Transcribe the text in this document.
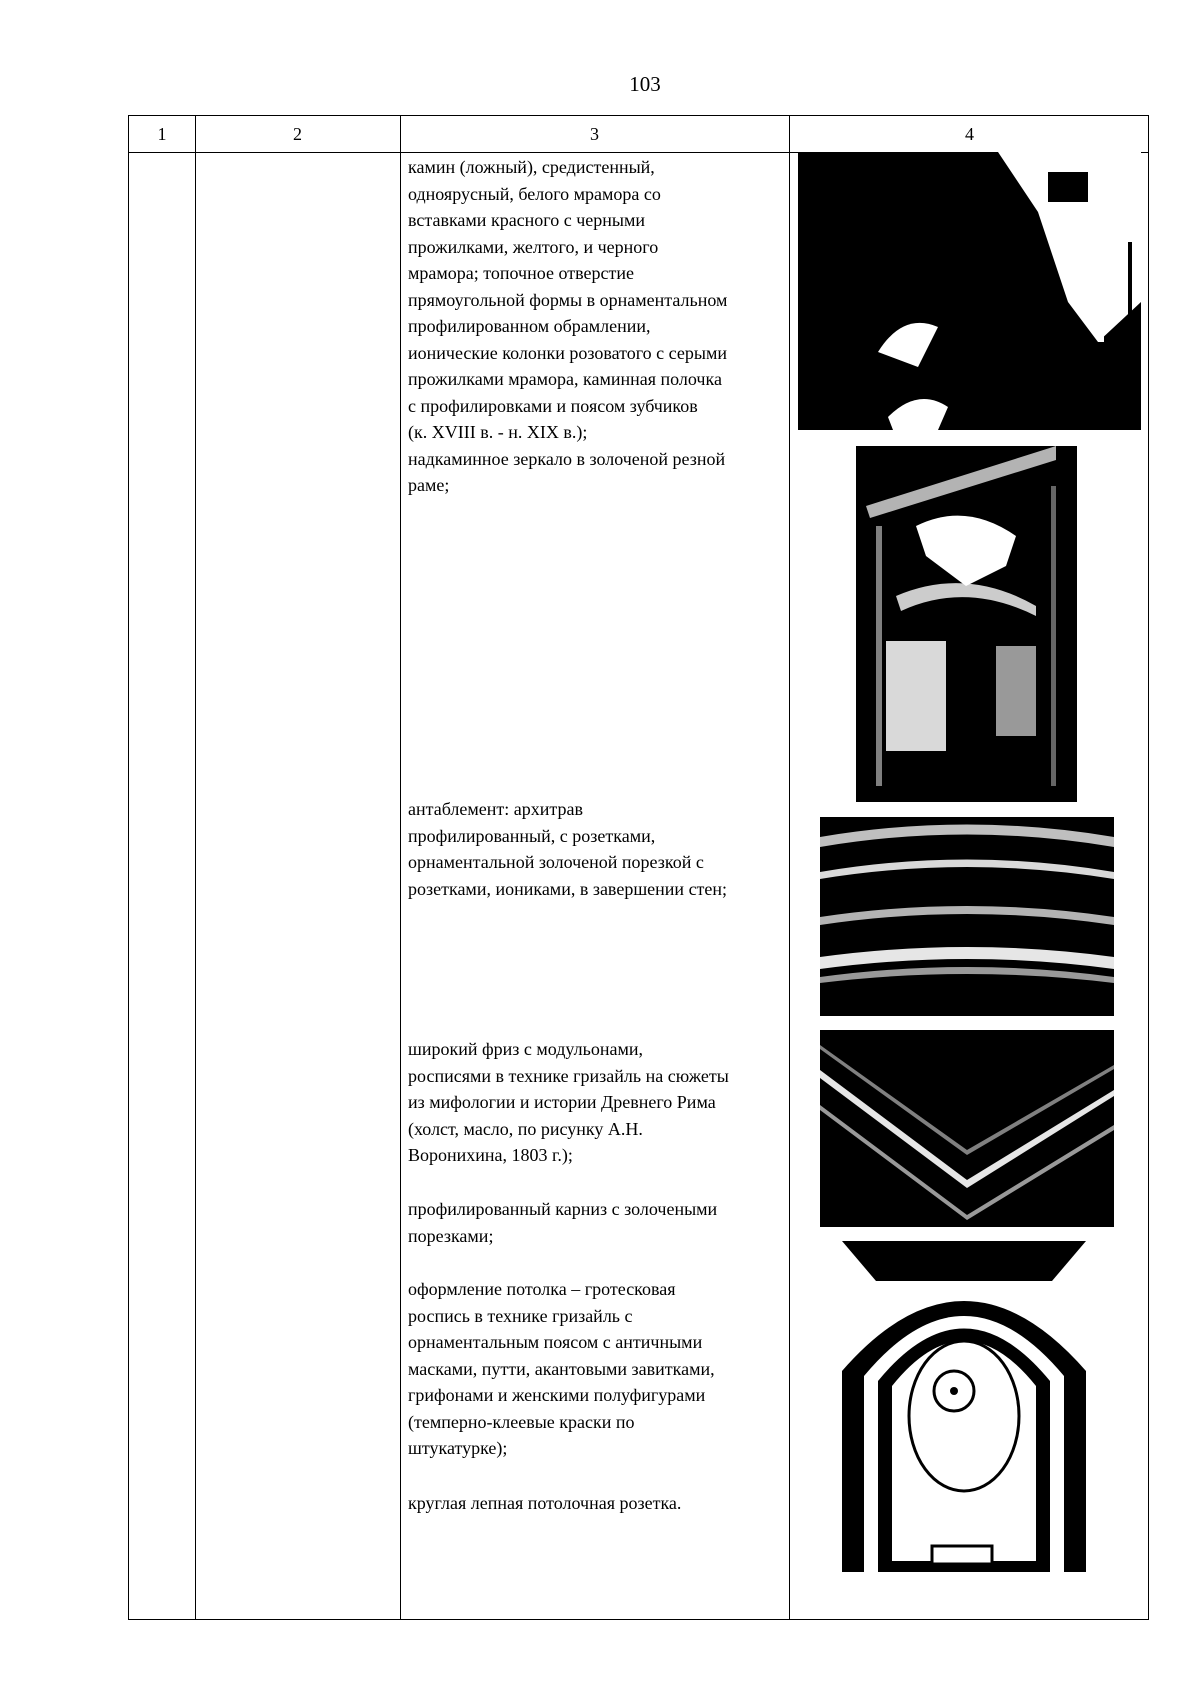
103
1	2	3	4

камин (ложный), средистенный,
одноярусный, белого мрамора со
вставками красного с черными
прожилками, желтого, и черного
мрамора; топочное отверстие
прямоугольной формы в орнаментальном
профилированном обрамлении,
ионические колонки розоватого с серыми
прожилками мрамора, каминная полочка
с профилировками и поясом зубчиков
(к. XVIII в. - н. XIX в.);
надкаминное зеркало в золоченой резной
раме;

антаблемент: архитрав
профилированный, с розетками,
орнаментальной золоченой порезкой с
розетками, иониками, в завершении стен;

широкий фриз с модульонами,
росписями в технике гризайль на сюжеты
из мифологии и истории Древнего Рима
(холст, масло, по рисунку А.Н.
Воронихина, 1803 г.);

профилированный карниз с золочеными
порезками;

оформление потолка – гротесковая
роспись в технике гризайль с
орнаментальным поясом с античными
масками, путти, акантовыми завитками,
грифонами и женскими полуфигурами
(темперно-клеевые краски по
штукатурке);

круглая лепная потолочная розетка.
